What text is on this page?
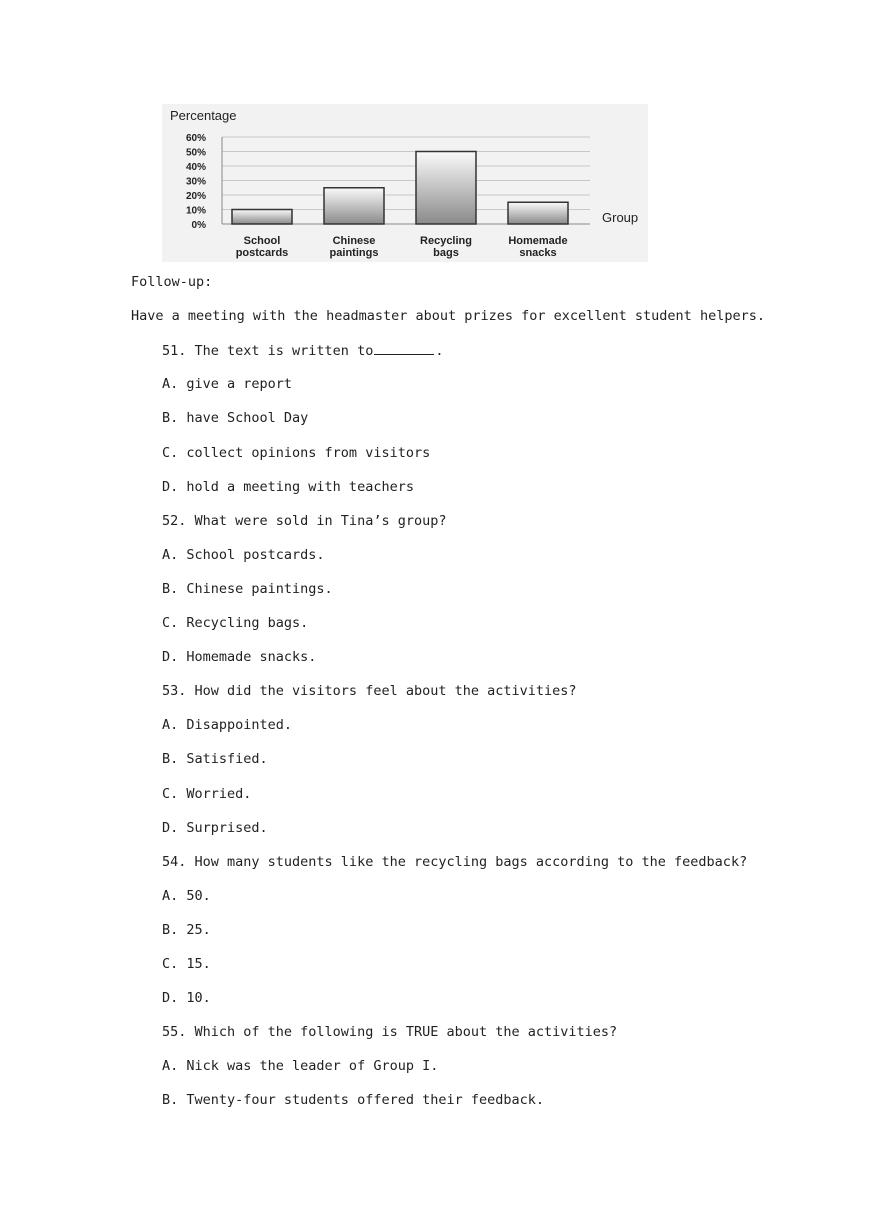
Percentage
0%
10%
20%
30%
40%
50%
60%
School
postcards
Chinese
paintings
Recycling
bags
Homemade
snacks
Group
Follow-up:
Have a meeting with the headmaster about prizes for excellent student helpers.
51. The text is written to	.
A. give a report
B. have School Day
C. collect opinions from visitors
D. hold a meeting with teachers
52. What were sold in Tina’s group?
A. School postcards.
B. Chinese paintings.
C. Recycling bags.
D. Homemade snacks.
53. How did the visitors feel about the activities?
A. Disappointed.
B. Satisfied.
C. Worried.
D. Surprised.
54. How many students like the recycling bags according to the feedback?
A. 50.
B. 25.
C. 15.
D. 10.
55. Which of the following is TRUE about the activities?
A. Nick was the leader of Group I.
B. Twenty-four students offered their feedback.
